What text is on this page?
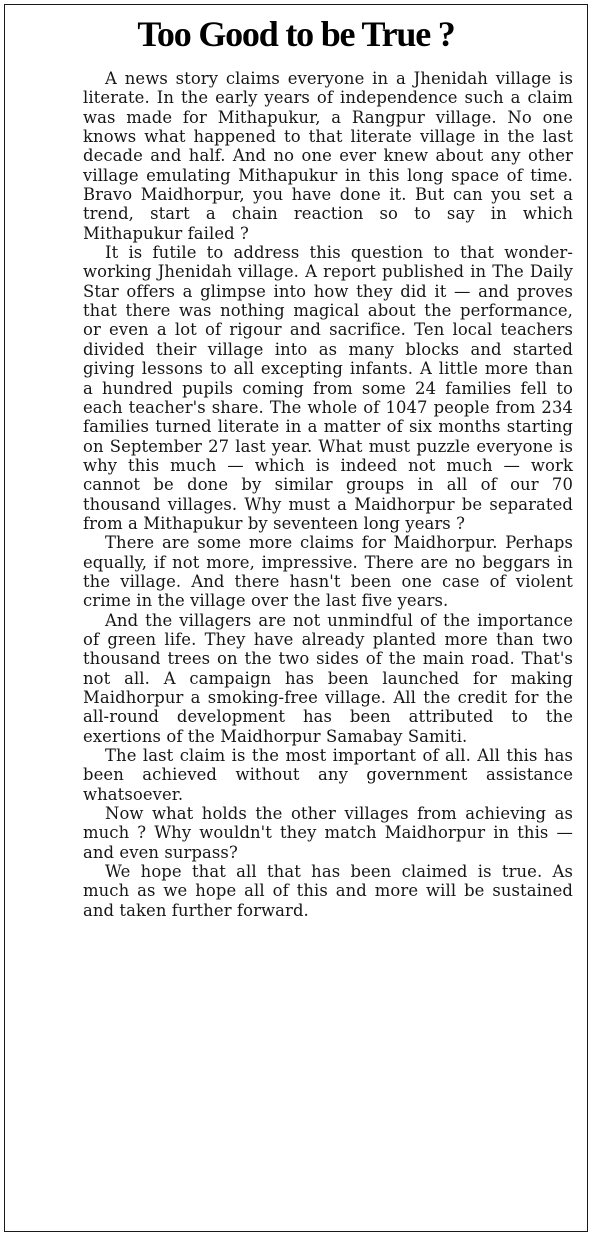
Too Good to be True ?

A news story claims everyone in a Jhenidah village is literate. In the early years of independence such a claim was made for Mithapukur, a Rangpur village. No one knows what happened to that literate village in the last decade and half. And no one ever knew about any other village emulating Mithapukur in this long space of time. Bravo Maidhorpur, you have done it. But can you set a trend, start a chain reaction so to say in which Mithapukur failed ?

It is futile to address this question to that wonder-working Jhenidah village. A report published in The Daily Star offers a glimpse into how they did it — and proves that there was nothing magical about the performance, or even a lot of rigour and sacrifice. Ten local teachers divided their village into as many blocks and started giving lessons to all excepting infants. A little more than a hundred pupils coming from some 24 families fell to each teacher's share. The whole of 1047 people from 234 families turned literate in a matter of six months starting on September 27 last year. What must puzzle everyone is why this much — which is indeed not much — work cannot be done by similar groups in all of our 70 thousand villages. Why must a Maidhorpur be separated from a Mithapukur by seventeen long years ?

There are some more claims for Maidhorpur. Perhaps equally, if not more, impressive. There are no beggars in the village. And there hasn't been one case of violent crime in the village over the last five years.

And the villagers are not unmindful of the importance of green life. They have already planted more than two thousand trees on the two sides of the main road. That's not all. A campaign has been launched for making Maidhorpur a smoking-free village. All the credit for the all-round development has been attributed to the exertions of the Maidhorpur Samabay Samiti.

The last claim is the most important of all. All this has been achieved without any government assistance whatsoever.

Now what holds the other villages from achieving as much ? Why wouldn't they match Maidhorpur in this — and even surpass?

We hope that all that has been claimed is true. As much as we hope all of this and more will be sustained and taken further forward.
